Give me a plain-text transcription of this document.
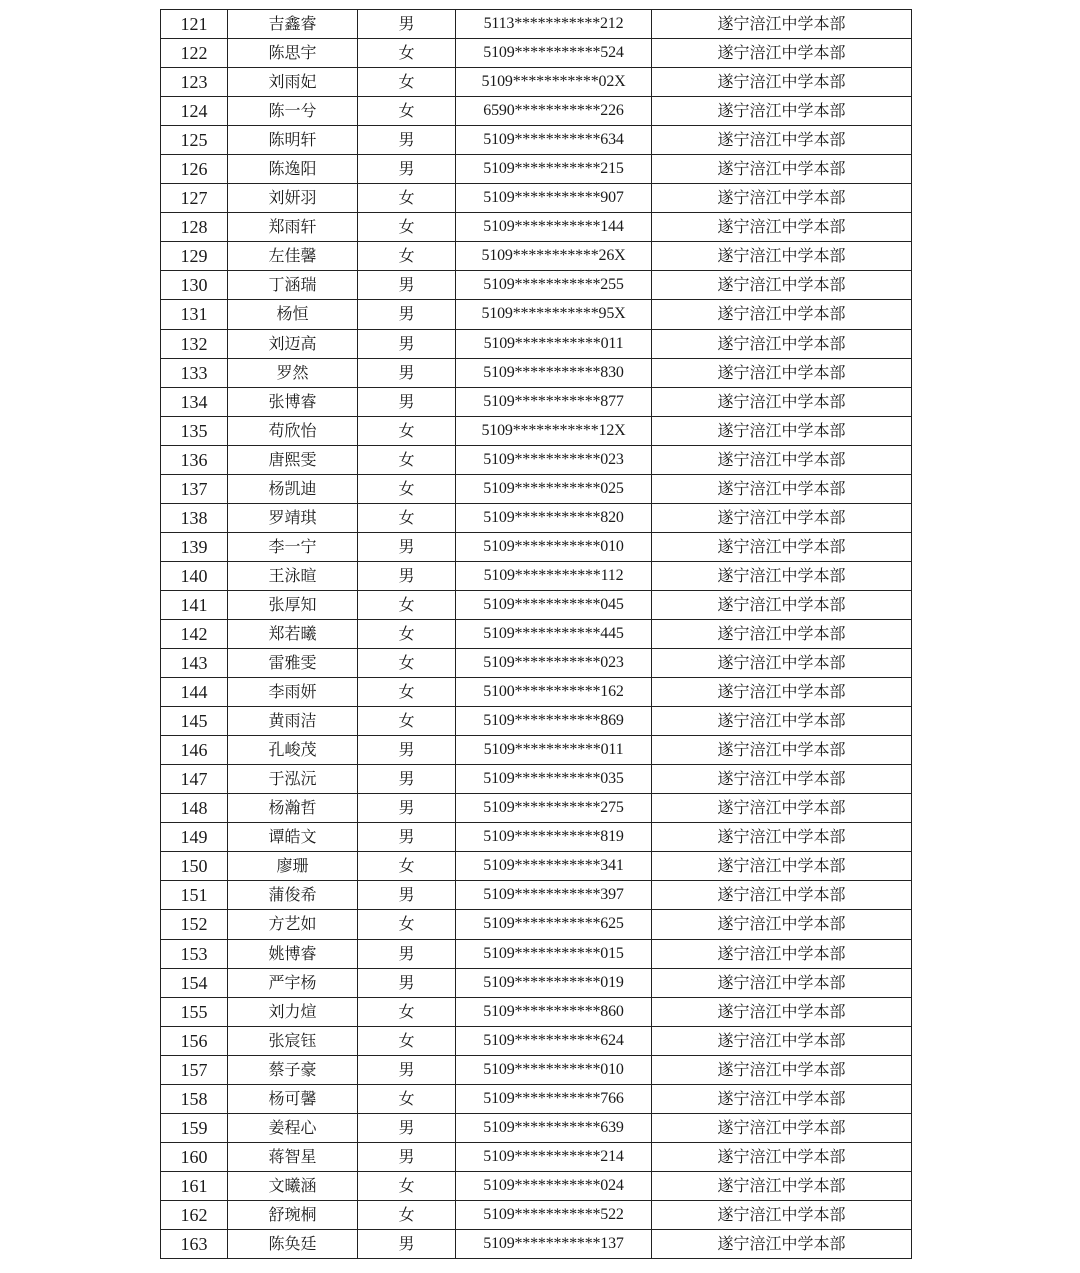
121	吉鑫睿	男	5113***********212	遂宁涪江中学本部
122	陈思宇	女	5109***********524	遂宁涪江中学本部
123	刘雨妃	女	5109***********02X	遂宁涪江中学本部
124	陈一兮	女	6590***********226	遂宁涪江中学本部
125	陈明轩	男	5109***********634	遂宁涪江中学本部
126	陈逸阳	男	5109***********215	遂宁涪江中学本部
127	刘妍羽	女	5109***********907	遂宁涪江中学本部
128	郑雨轩	女	5109***********144	遂宁涪江中学本部
129	左佳馨	女	5109***********26X	遂宁涪江中学本部
130	丁涵瑞	男	5109***********255	遂宁涪江中学本部
131	杨恒	男	5109***********95X	遂宁涪江中学本部
132	刘迈高	男	5109***********011	遂宁涪江中学本部
133	罗然	男	5109***********830	遂宁涪江中学本部
134	张博睿	男	5109***********877	遂宁涪江中学本部
135	苟欣怡	女	5109***********12X	遂宁涪江中学本部
136	唐熙雯	女	5109***********023	遂宁涪江中学本部
137	杨凯迪	女	5109***********025	遂宁涪江中学本部
138	罗靖琪	女	5109***********820	遂宁涪江中学本部
139	李一宁	男	5109***********010	遂宁涪江中学本部
140	王泳暄	男	5109***********112	遂宁涪江中学本部
141	张厚知	女	5109***********045	遂宁涪江中学本部
142	郑若曦	女	5109***********445	遂宁涪江中学本部
143	雷雅雯	女	5109***********023	遂宁涪江中学本部
144	李雨妍	女	5100***********162	遂宁涪江中学本部
145	黄雨洁	女	5109***********869	遂宁涪江中学本部
146	孔峻茂	男	5109***********011	遂宁涪江中学本部
147	于泓沅	男	5109***********035	遂宁涪江中学本部
148	杨瀚哲	男	5109***********275	遂宁涪江中学本部
149	谭皓文	男	5109***********819	遂宁涪江中学本部
150	廖珊	女	5109***********341	遂宁涪江中学本部
151	蒲俊希	男	5109***********397	遂宁涪江中学本部
152	方艺如	女	5109***********625	遂宁涪江中学本部
153	姚博睿	男	5109***********015	遂宁涪江中学本部
154	严宇杨	男	5109***********019	遂宁涪江中学本部
155	刘力煊	女	5109***********860	遂宁涪江中学本部
156	张宸钰	女	5109***********624	遂宁涪江中学本部
157	蔡子豪	男	5109***********010	遂宁涪江中学本部
158	杨可馨	女	5109***********766	遂宁涪江中学本部
159	姜程心	男	5109***********639	遂宁涪江中学本部
160	蒋智星	男	5109***********214	遂宁涪江中学本部
161	文曦涵	女	5109***********024	遂宁涪江中学本部
162	舒琬桐	女	5109***********522	遂宁涪江中学本部
163	陈奂廷	男	5109***********137	遂宁涪江中学本部
